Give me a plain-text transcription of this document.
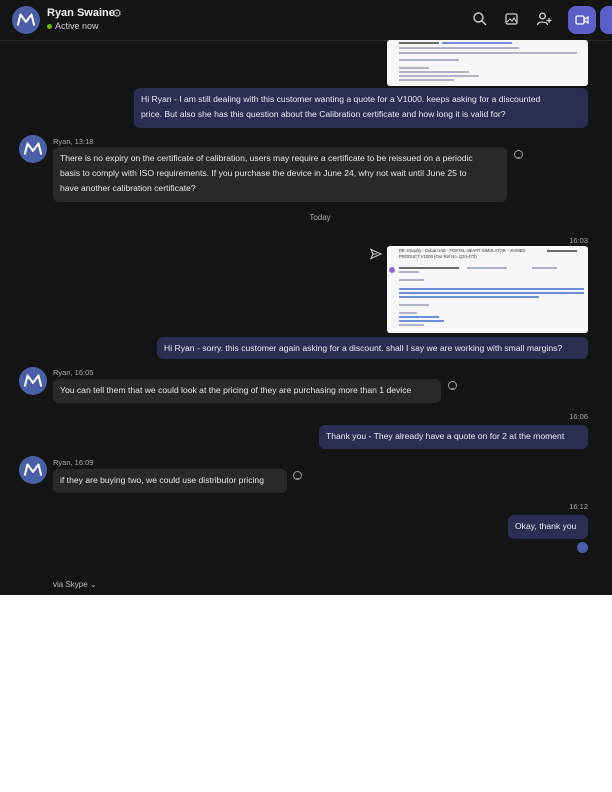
Ryan Swaine
⚙
Active now
Hi Ryan - I am still dealing with this customer wanting a quote for a V1000. keeps asking for a discounted
price. But also she has this question about the Calibration certificate and how long it is valid for?
Ryan, 13:18
There is no expiry on the certificate of calibration, users may require a certificate to be reissued on a periodic
basis to comply with ISO requirements. If you purchase the device in June 24, why not wait until June 25 to
have another calibration certificate?
Today
16:03
RE: Enquiry - Dubai UAE - FOETAL HEART SIMULATOR - VIAMED PRODUCT V1000 (Our Ref No. Q24-473)
Hi Ryan - sorry. this customer again asking for a discount. shall I say we are working with small margins?
Ryan, 16:05
You can tell them that we could look at the pricing of they are purchasing more than 1 device
16:06
Thank you - They already have a quote on for 2 at the moment
Ryan, 16:09
if they are buying two, we could use distributor pricing
16:12
Okay, thank you
via Skype ⌄
